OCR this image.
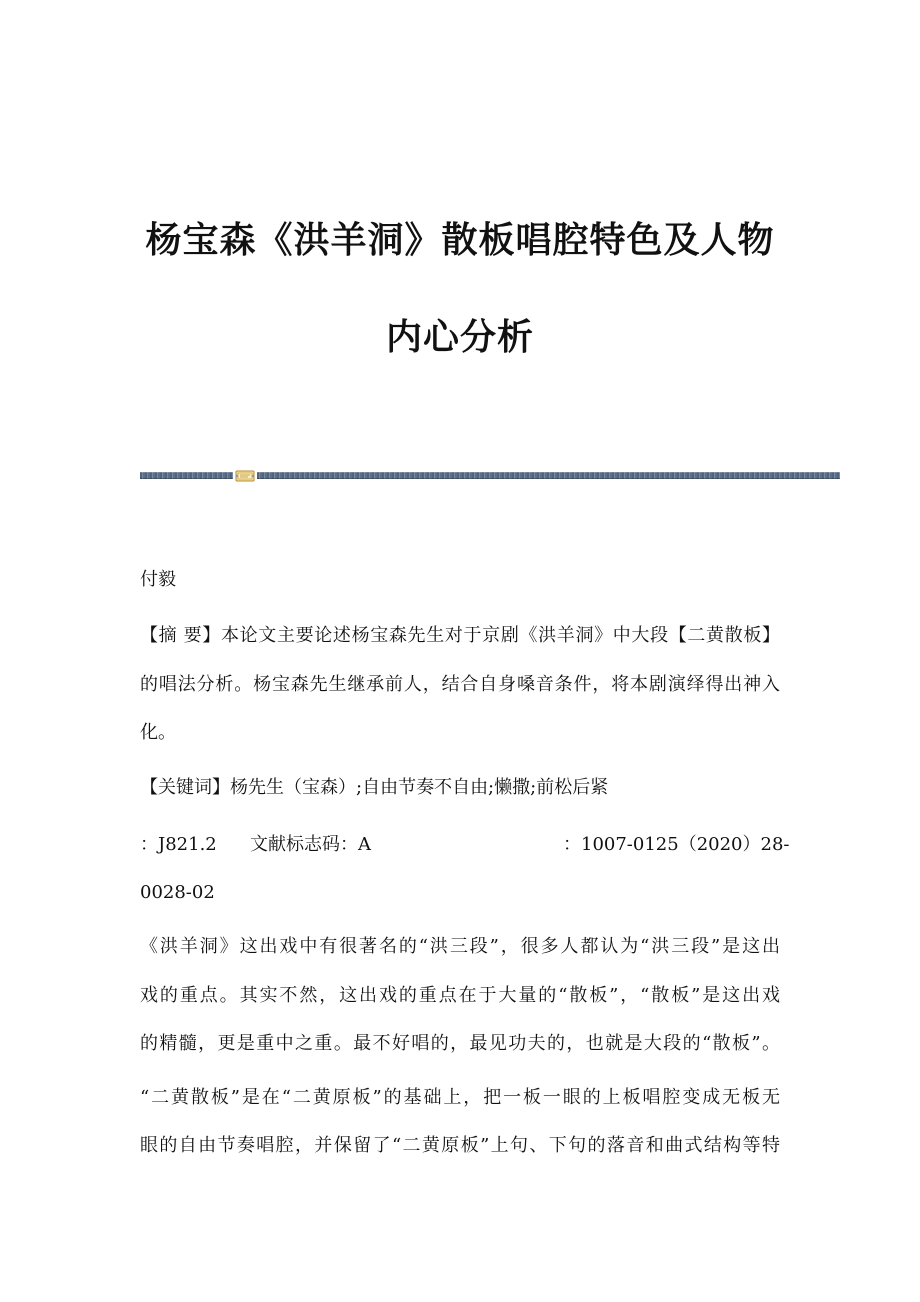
杨宝森《洪羊洞》散板唱腔特色及人物
内心分析
付毅
【摘 要】本论文主要论述杨宝森先生对于京剧《洪羊洞》中大段【二黄散板】
的唱法分析。杨宝森先生继承前人，结合自身嗓音条件，将本剧演绎得出神入
化。
【关键词】杨先生（宝森）;自由节奏不自由;懒撒;前松后紧
：J821.2 文献标志码：A	：1007-0125（2020）28-
0028-02
《洪羊洞》这出戏中有很著名的“洪三段”，很多人都认为“洪三段”是这出
戏的重点。其实不然，这出戏的重点在于大量的“散板”，“散板”是这出戏
的精髓，更是重中之重。最不好唱的，最见功夫的，也就是大段的“散板”。
“二黄散板”是在“二黄原板”的基础上，把一板一眼的上板唱腔变成无板无
眼的自由节奏唱腔，并保留了“二黄原板”上句、下句的落音和曲式结构等特
